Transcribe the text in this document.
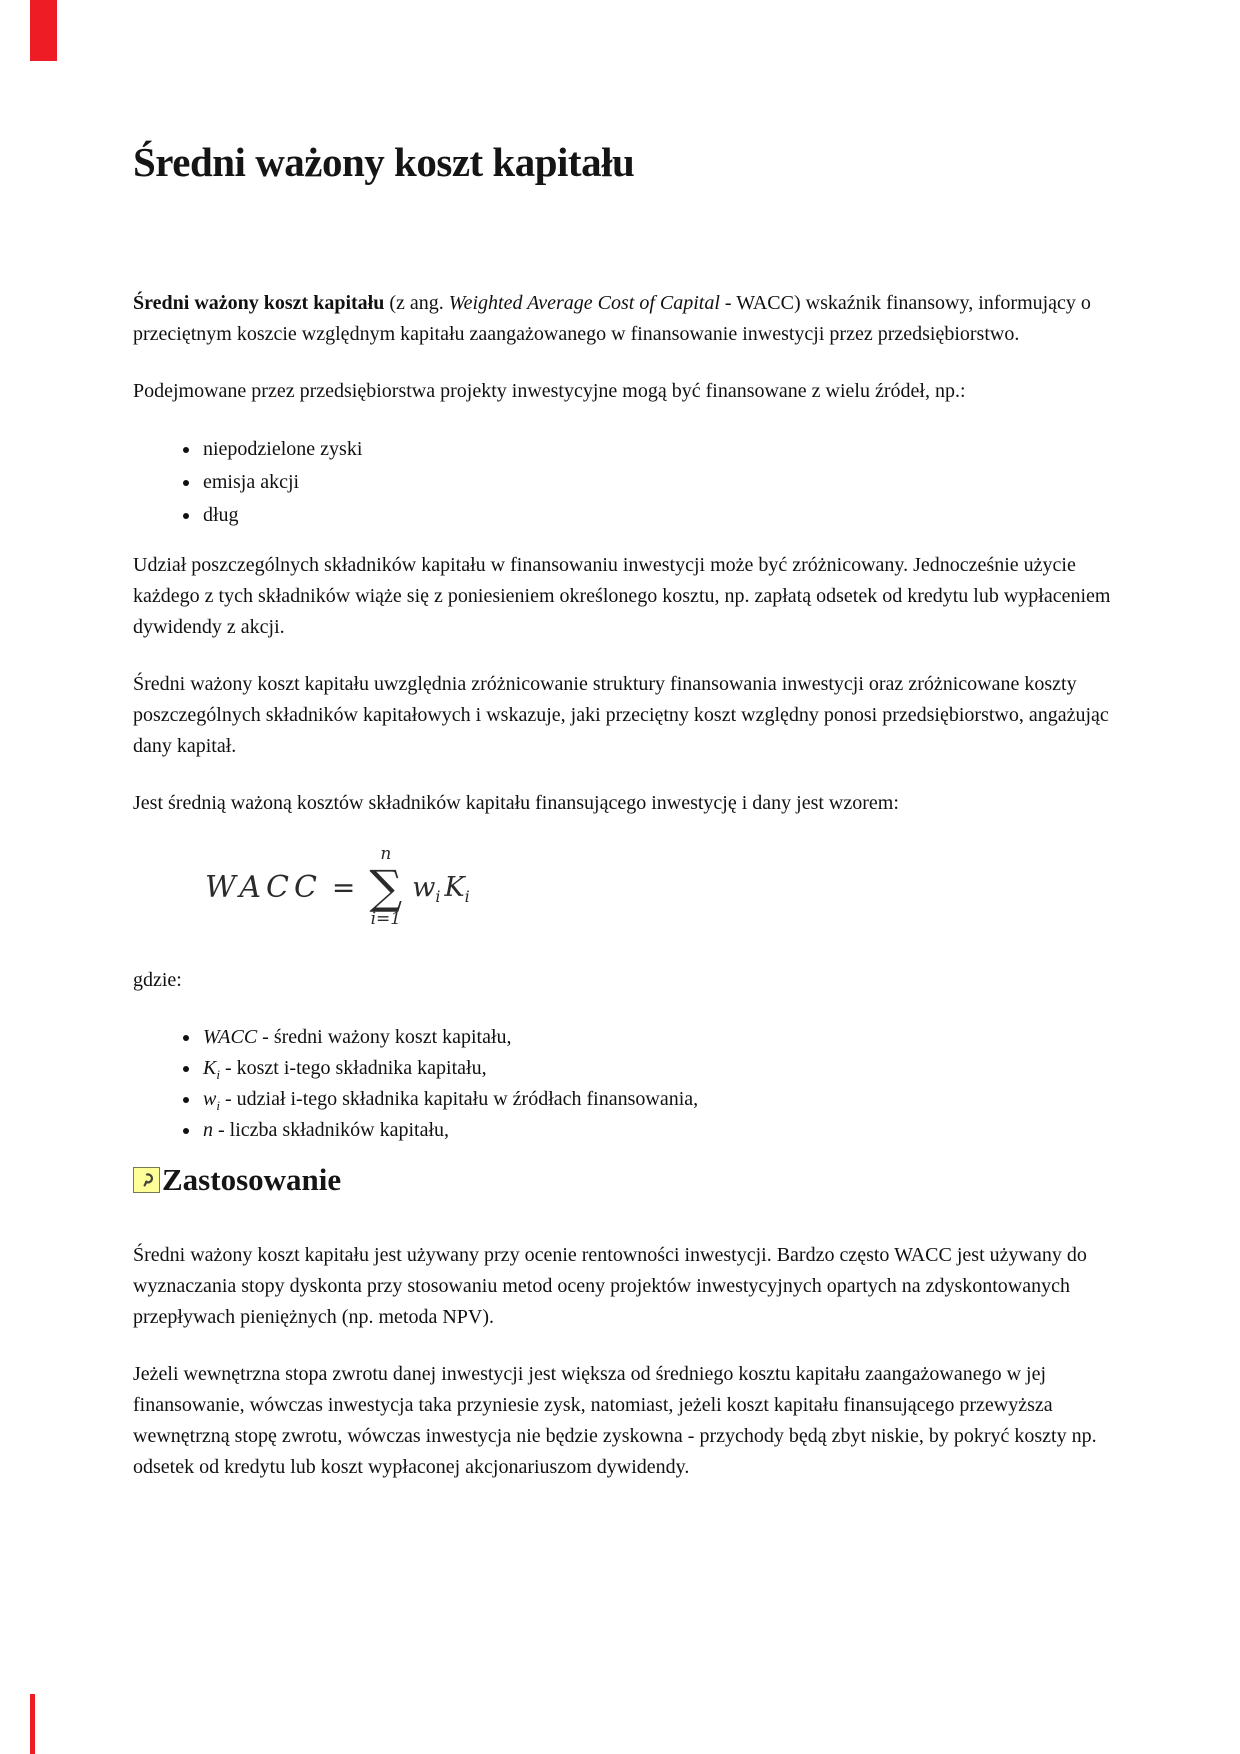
Średni ważony koszt kapitału

Średni ważony koszt kapitału (z ang. Weighted Average Cost of Capital - WACC) wskaźnik finansowy, informujący o przeciętnym koszcie względnym kapitału zaangażowanego w finansowanie inwestycji przez przedsiębiorstwo.

Podejmowane przez przedsiębiorstwa projekty inwestycyjne mogą być finansowane z wielu źródeł, np.:

• niepodzielone zyski
• emisja akcji
• dług

Udział poszczególnych składników kapitału w finansowaniu inwestycji może być zróżnicowany. Jednocześnie użycie każdego z tych składników wiąże się z poniesieniem określonego kosztu, np. zapłatą odsetek od kredytu lub wypłaceniem dywidendy z akcji.

Średni ważony koszt kapitału uwzględnia zróżnicowanie struktury finansowania inwestycji oraz zróżnicowane koszty poszczególnych składników kapitałowych i wskazuje, jaki przeciętny koszt względny ponosi przedsiębiorstwo, angażując dany kapitał.

Jest średnią ważoną kosztów składników kapitału finansującego inwestycję i dany jest wzorem:

WACC =
n
∑
i=1
$w_i$ $K_i$

gdzie:

• WACC - średni ważony koszt kapitału,
• $K_i$ - koszt i-tego składnika kapitału,
• $w_i$ - udział i-tego składnika kapitału w źródłach finansowania,
• n - liczba składników kapitału,
Zastosowanie

Średni ważony koszt kapitału jest używany przy ocenie rentowności inwestycji. Bardzo często WACC jest używany do wyznaczania stopy dyskonta przy stosowaniu metod oceny projektów inwestycyjnych opartych na zdyskontowanych przepływach pieniężnych (np. metoda NPV).

Jeżeli wewnętrzna stopa zwrotu danej inwestycji jest większa od średniego kosztu kapitału zaangażowanego w jej finansowanie, wówczas inwestycja taka przyniesie zysk, natomiast, jeżeli koszt kapitału finansującego przewyższa wewnętrzną stopę zwrotu, wówczas inwestycja nie będzie zyskowna - przychody będą zbyt niskie, by pokryć koszty np. odsetek od kredytu lub koszt wypłaconej akcjonariuszom dywidendy.
